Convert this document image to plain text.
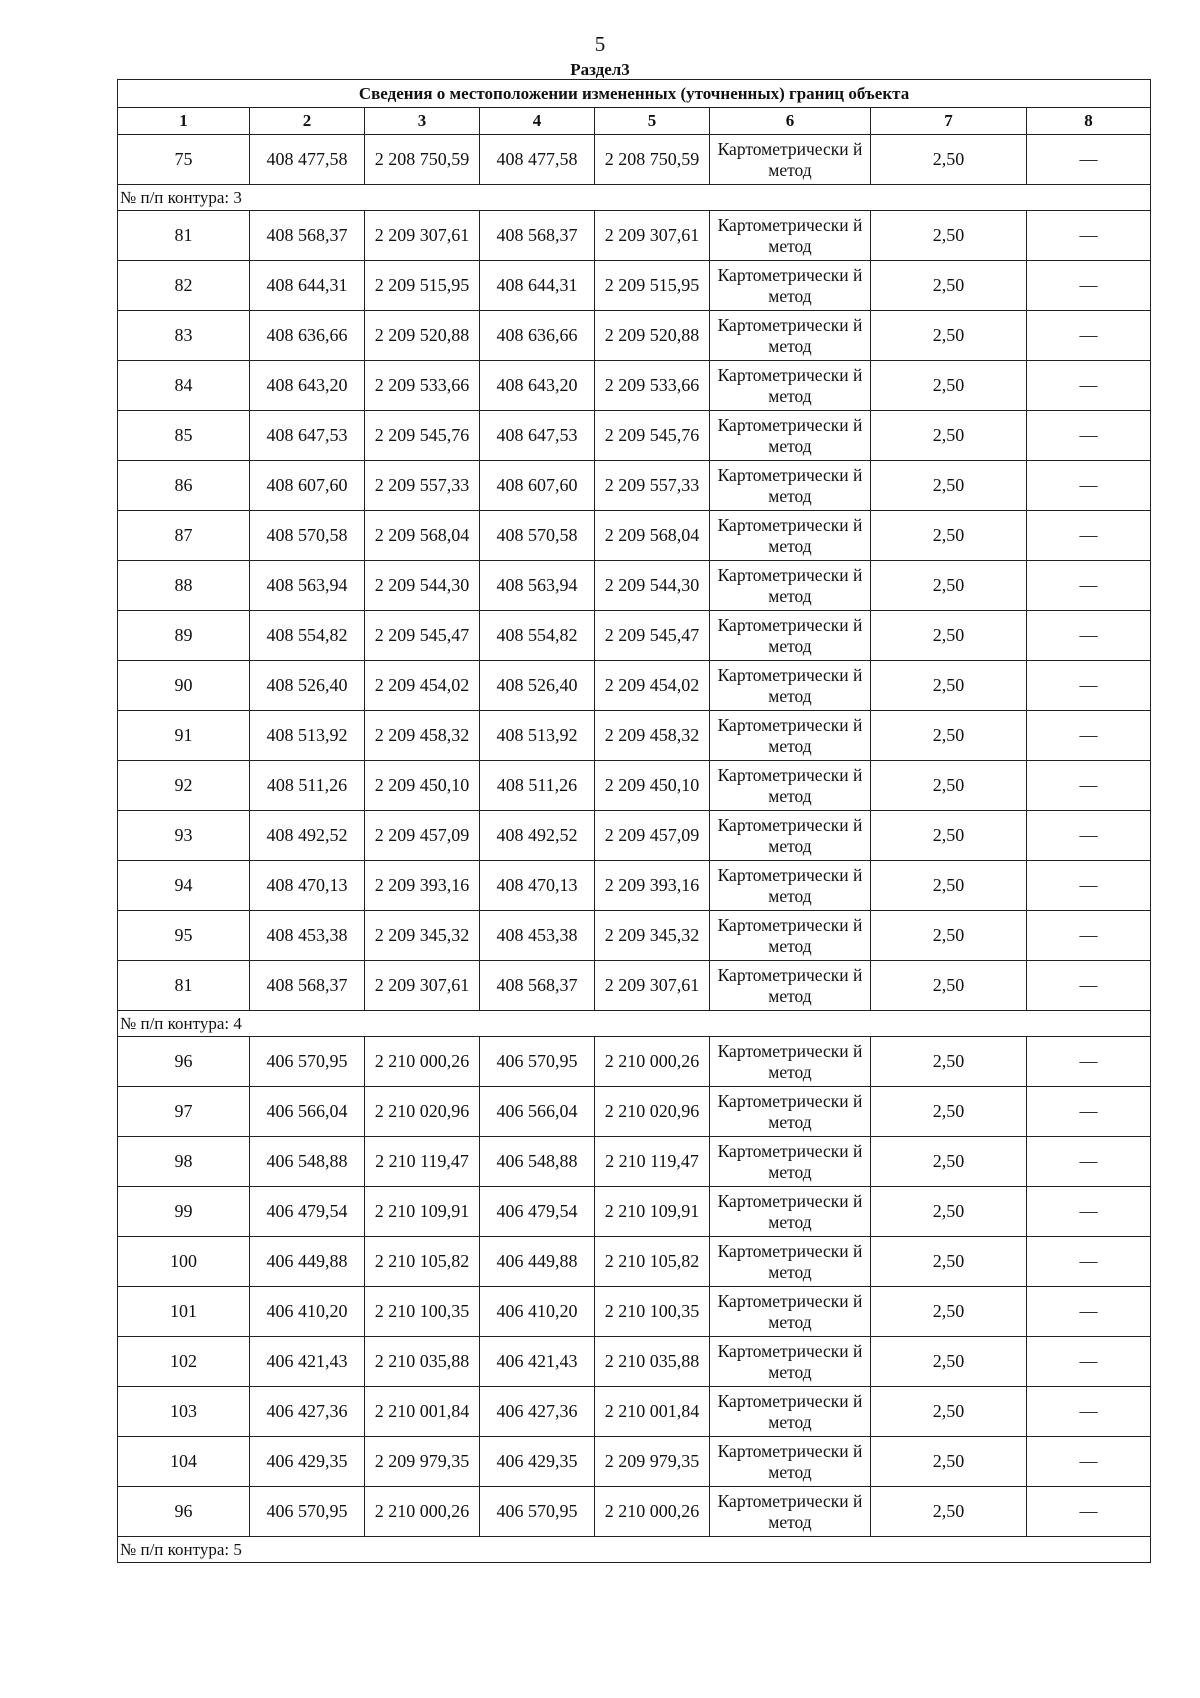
5
Раздел3
Сведения о местоположении измененных (уточненных) границ объекта							
1	2	3	4	5	6	7	8
75	408 477,58	2 208 750,59	408 477,58	2 208 750,59	Картометрически й метод	2,50	—
№ п/п контура: 3							
81	408 568,37	2 209 307,61	408 568,37	2 209 307,61	Картометрически й метод	2,50	—
82	408 644,31	2 209 515,95	408 644,31	2 209 515,95	Картометрически й метод	2,50	—
83	408 636,66	2 209 520,88	408 636,66	2 209 520,88	Картометрически й метод	2,50	—
84	408 643,20	2 209 533,66	408 643,20	2 209 533,66	Картометрически й метод	2,50	—
85	408 647,53	2 209 545,76	408 647,53	2 209 545,76	Картометрически й метод	2,50	—
86	408 607,60	2 209 557,33	408 607,60	2 209 557,33	Картометрически й метод	2,50	—
87	408 570,58	2 209 568,04	408 570,58	2 209 568,04	Картометрически й метод	2,50	—
88	408 563,94	2 209 544,30	408 563,94	2 209 544,30	Картометрически й метод	2,50	—
89	408 554,82	2 209 545,47	408 554,82	2 209 545,47	Картометрически й метод	2,50	—
90	408 526,40	2 209 454,02	408 526,40	2 209 454,02	Картометрически й метод	2,50	—
91	408 513,92	2 209 458,32	408 513,92	2 209 458,32	Картометрически й метод	2,50	—
92	408 511,26	2 209 450,10	408 511,26	2 209 450,10	Картометрически й метод	2,50	—
93	408 492,52	2 209 457,09	408 492,52	2 209 457,09	Картометрически й метод	2,50	—
94	408 470,13	2 209 393,16	408 470,13	2 209 393,16	Картометрически й метод	2,50	—
95	408 453,38	2 209 345,32	408 453,38	2 209 345,32	Картометрически й метод	2,50	—
81	408 568,37	2 209 307,61	408 568,37	2 209 307,61	Картометрически й метод	2,50	—
№ п/п контура: 4							
96	406 570,95	2 210 000,26	406 570,95	2 210 000,26	Картометрически й метод	2,50	—
97	406 566,04	2 210 020,96	406 566,04	2 210 020,96	Картометрически й метод	2,50	—
98	406 548,88	2 210 119,47	406 548,88	2 210 119,47	Картометрически й метод	2,50	—
99	406 479,54	2 210 109,91	406 479,54	2 210 109,91	Картометрически й метод	2,50	—
100	406 449,88	2 210 105,82	406 449,88	2 210 105,82	Картометрически й метод	2,50	—
101	406 410,20	2 210 100,35	406 410,20	2 210 100,35	Картометрически й метод	2,50	—
102	406 421,43	2 210 035,88	406 421,43	2 210 035,88	Картометрически й метод	2,50	—
103	406 427,36	2 210 001,84	406 427,36	2 210 001,84	Картометрически й метод	2,50	—
104	406 429,35	2 209 979,35	406 429,35	2 209 979,35	Картометрически й метод	2,50	—
96	406 570,95	2 210 000,26	406 570,95	2 210 000,26	Картометрически й метод	2,50	—
№ п/п контура: 5							
